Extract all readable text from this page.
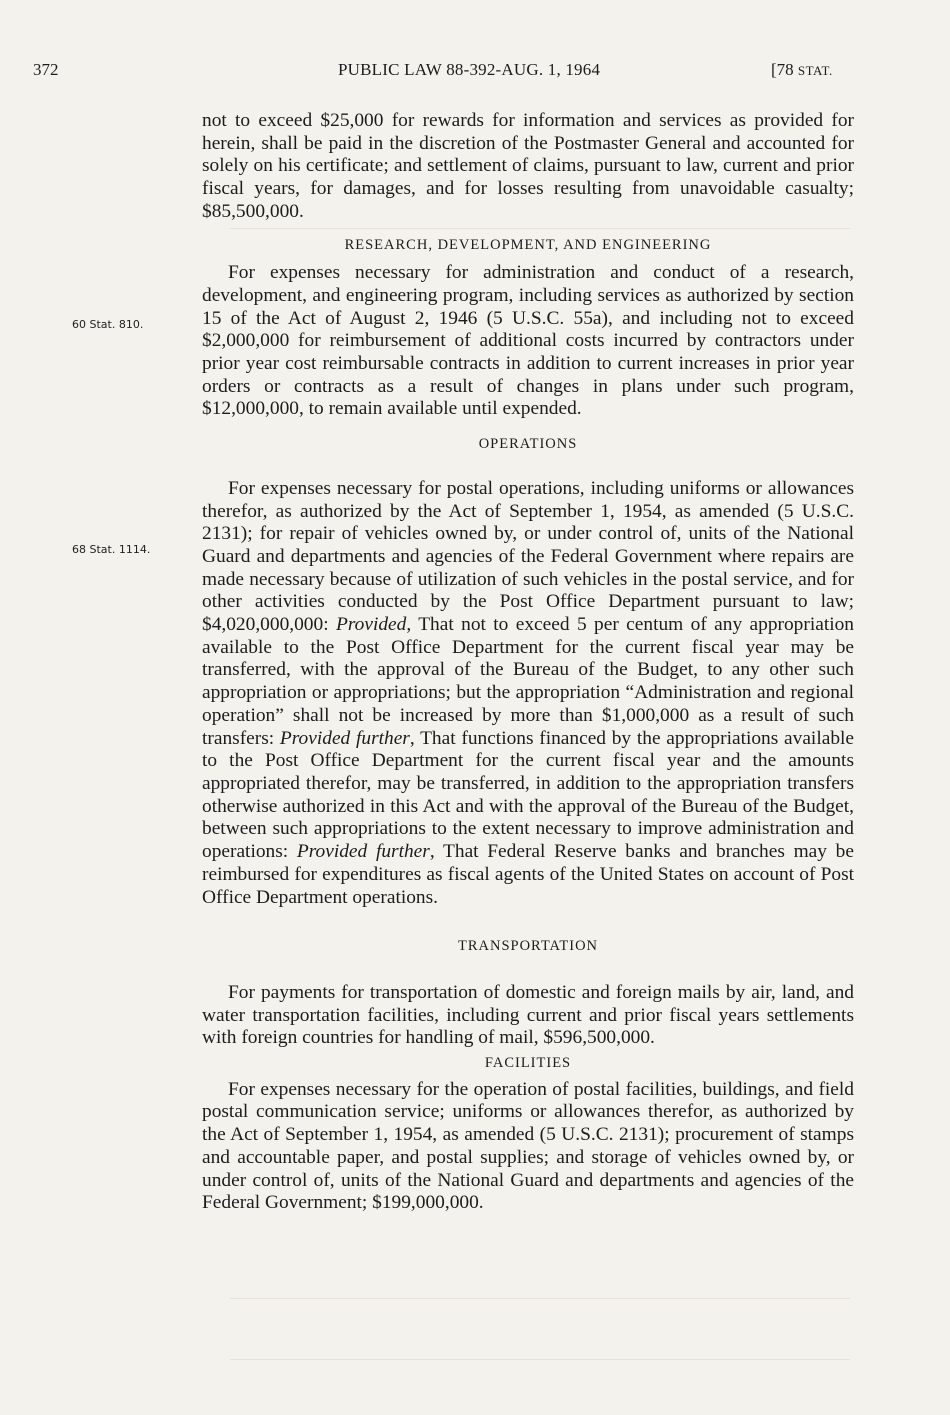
372	PUBLIC LAW 88-392-AUG. 1, 1964	[78 STAT.
60 Stat. 810.
68 Stat. 1114.

not to exceed $25,000 for rewards for information and services as provided for herein, shall be paid in the discretion of the Postmaster General and accounted for solely on his certificate; and settlement of claims, pursuant to law, current and prior fiscal years, for damages, and for losses resulting from unavoidable casualty; $85,500,000.

RESEARCH, DEVELOPMENT, AND ENGINEERING

For expenses necessary for administration and conduct of a research, development, and engineering program, including services as authorized by section 15 of the Act of August 2, 1946 (5 U.S.C. 55a), and including not to exceed $2,000,000 for reimbursement of additional costs incurred by contractors under prior year cost reimbursable contracts in addition to current increases in prior year orders or contracts as a result of changes in plans under such program, $12,000,000, to remain available until expended.

OPERATIONS

For expenses necessary for postal operations, including uniforms or allowances therefor, as authorized by the Act of September 1, 1954, as amended (5 U.S.C. 2131); for repair of vehicles owned by, or under control of, units of the National Guard and departments and agencies of the Federal Government where repairs are made necessary because of utilization of such vehicles in the postal service, and for other activities conducted by the Post Office Department pursuant to law; $4,020,000,000: Provided, That not to exceed 5 per centum of any appropriation available to the Post Office Department for the current fiscal year may be transferred, with the approval of the Bureau of the Budget, to any other such appropriation or appropriations; but the appropriation “Administration and regional operation” shall not be increased by more than $1,000,000 as a result of such transfers: Provided further, That functions financed by the appropriations available to the Post Office Department for the current fiscal year and the amounts appropriated therefor, may be transferred, in addition to the appropriation transfers otherwise authorized in this Act and with the approval of the Bureau of the Budget, between such appropriations to the extent necessary to improve administration and operations: Provided further, That Federal Reserve banks and branches may be reimbursed for expenditures as fiscal agents of the United States on account of Post Office Department operations.

TRANSPORTATION

For payments for transportation of domestic and foreign mails by air, land, and water transportation facilities, including current and prior fiscal years settlements with foreign countries for handling of mail, $596,500,000.

FACILITIES

For expenses necessary for the operation of postal facilities, buildings, and field postal communication service; uniforms or allowances therefor, as authorized by the Act of September 1, 1954, as amended (5 U.S.C. 2131); procurement of stamps and accountable paper, and postal supplies; and storage of vehicles owned by, or under control of, units of the National Guard and departments and agencies of the Federal Government; $199,000,000.
